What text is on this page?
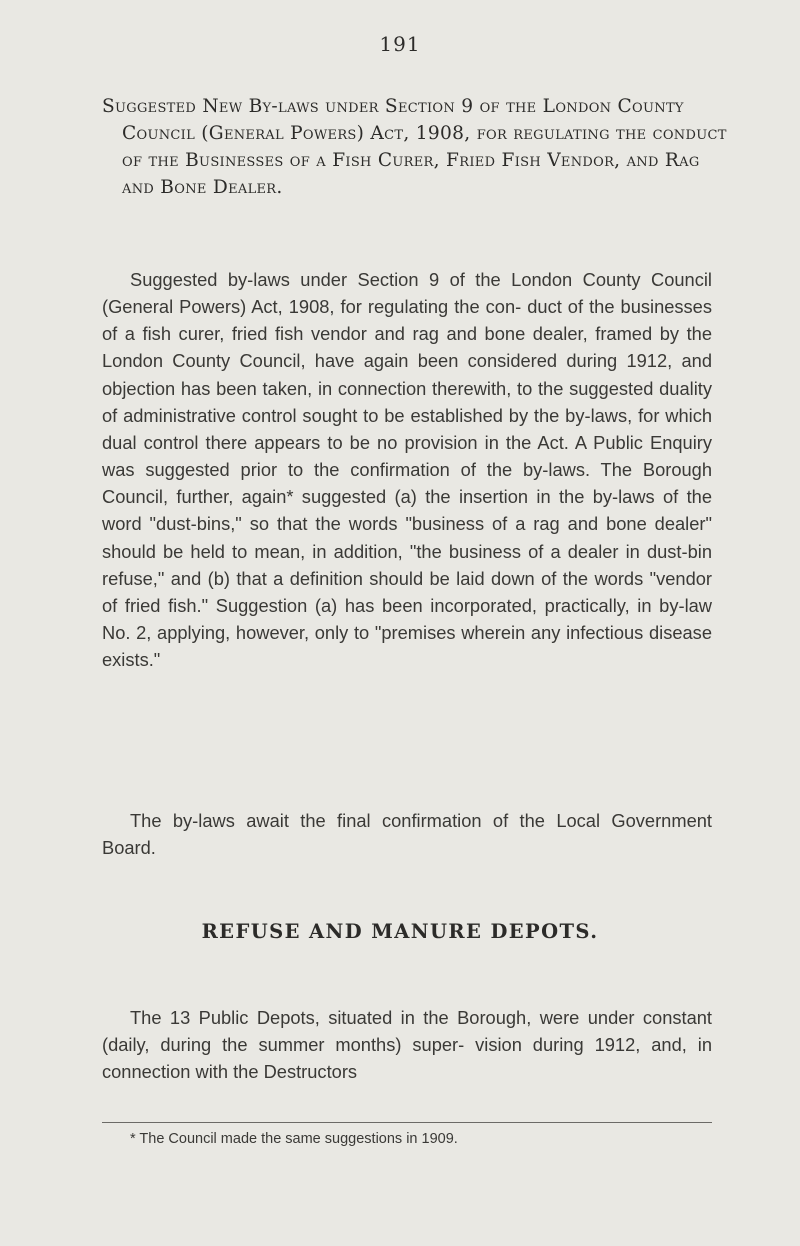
191
Suggested New By-laws under Section 9 of the London County Council (General Powers) Act, 1908, for regulating the conduct of the Businesses of a Fish Curer, Fried Fish Vendor, and Rag and Bone Dealer.

Suggested by-laws under Section 9 of the London County Council (General Powers) Act, 1908, for regulating the con- duct of the businesses of a fish curer, fried fish vendor and rag and bone dealer, framed by the London County Council, have again been considered during 1912, and objection has been taken, in connection therewith, to the suggested duality of administrative control sought to be established by the by-laws, for which dual control there appears to be no provision in the Act. A Public Enquiry was suggested prior to the confirmation of the by-laws. The Borough Council, further, again* suggested (a) the insertion in the by-laws of the word "dust-bins," so that the words "business of a rag and bone dealer" should be held to mean, in addition, "the business of a dealer in dust-bin refuse," and (b) that a definition should be laid down of the words "vendor of fried fish." Suggestion (a) has been incorporated, practically, in by-law No. 2, applying, however, only to "premises wherein any infectious disease exists."

The by-laws await the final confirmation of the Local Government Board.

REFUSE AND MANURE DEPOTS.

The 13 Public Depots, situated in the Borough, were under constant (daily, during the summer months) super- vision during 1912, and, in connection with the Destructors

* The Council made the same suggestions in 1909.
